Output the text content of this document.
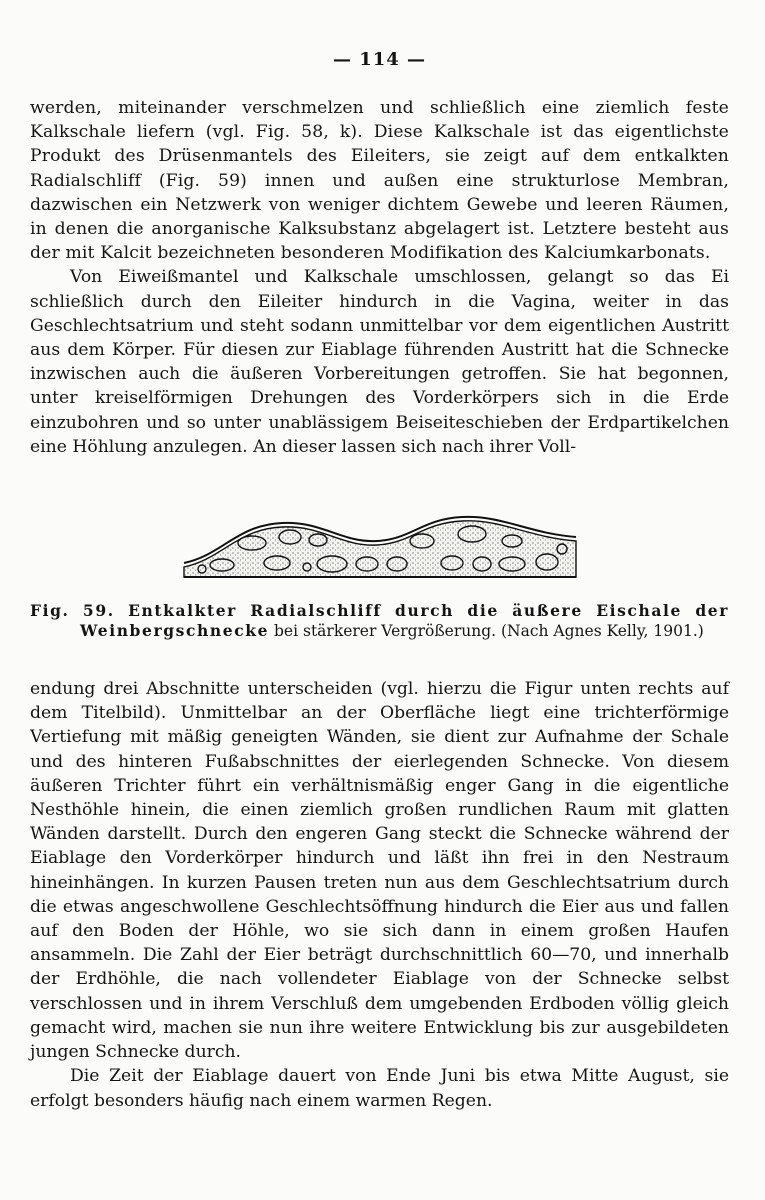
— 114 —

werden, miteinander verschmelzen und schließlich eine ziemlich feste Kalkschale liefern (vgl. Fig. 58, k). Diese Kalkschale ist das eigentlichste Produkt des Drüsenmantels des Eileiters, sie zeigt auf dem entkalkten Radialschliff (Fig. 59) innen und außen eine strukturlose Membran, dazwischen ein Netzwerk von weniger dichtem Gewebe und leeren Räumen, in denen die anorganische Kalksubstanz abgelagert ist. Letztere besteht aus der mit Kalcit bezeichneten besonderen Modifikation des Kalciumkarbonats.

Von Eiweißmantel und Kalkschale umschlossen, gelangt so das Ei schließlich durch den Eileiter hindurch in die Vagina, weiter in das Geschlechtsatrium und steht sodann unmittelbar vor dem eigentlichen Austritt aus dem Körper. Für diesen zur Eiablage führenden Austritt hat die Schnecke inzwischen auch die äußeren Vorbereitungen getroffen. Sie hat begonnen, unter kreiselförmigen Drehungen des Vorderkörpers sich in die Erde einzubohren und so unter unablässigem Beiseiteschieben der Erdpartikelchen eine Höhlung anzulegen. An dieser lassen sich nach ihrer Voll-

Fig. 59. Entkalkter Radialschliff durch die äußere Eischale der Weinbergschnecke bei stärkerer Vergrößerung. (Nach Agnes Kelly, 1901.)

endung drei Abschnitte unterscheiden (vgl. hierzu die Figur unten rechts auf dem Titelbild). Unmittelbar an der Oberfläche liegt eine trichterförmige Vertiefung mit mäßig geneigten Wänden, sie dient zur Aufnahme der Schale und des hinteren Fußabschnittes der eierlegenden Schnecke. Von diesem äußeren Trichter führt ein verhältnismäßig enger Gang in die eigentliche Nesthöhle hinein, die einen ziemlich großen rundlichen Raum mit glatten Wänden darstellt. Durch den engeren Gang steckt die Schnecke während der Eiablage den Vorderkörper hindurch und läßt ihn frei in den Nestraum hineinhängen. In kurzen Pausen treten nun aus dem Geschlechtsatrium durch die etwas angeschwollene Geschlechtsöffnung hindurch die Eier aus und fallen auf den Boden der Höhle, wo sie sich dann in einem großen Haufen ansammeln. Die Zahl der Eier beträgt durchschnittlich 60—70, und innerhalb der Erdhöhle, die nach vollendeter Eiablage von der Schnecke selbst verschlossen und in ihrem Verschluß dem umgebenden Erdboden völlig gleich gemacht wird, machen sie nun ihre weitere Entwicklung bis zur ausgebildeten jungen Schnecke durch.

Die Zeit der Eiablage dauert von Ende Juni bis etwa Mitte August, sie erfolgt besonders häufig nach einem warmen Regen.
